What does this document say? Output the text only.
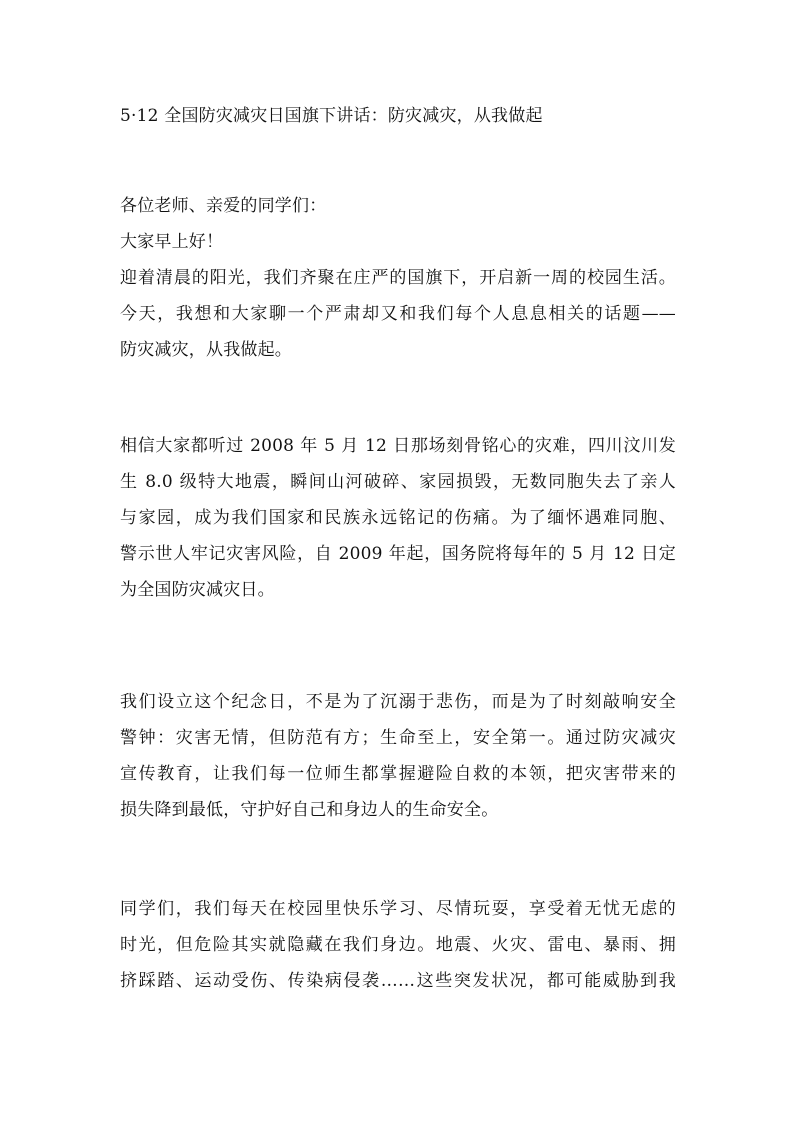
5·12 全国防灾减灾日国旗下讲话：防灾减灾，从我做起
各位老师、亲爱的同学们：
大家早上好！
迎着清晨的阳光，我们齐聚在庄严的国旗下，开启新一周的校园生活。
今天，我想和大家聊一个严肃却又和我们每个人息息相关的话题——
防灾减灾，从我做起。
相信大家都听过 2008 年 5 月 12 日那场刻骨铭心的灾难，四川汶川发
生 8.0 级特大地震，瞬间山河破碎、家园损毁，无数同胞失去了亲人
与家园，成为我们国家和民族永远铭记的伤痛。为了缅怀遇难同胞、
警示世人牢记灾害风险，自 2009 年起，国务院将每年的 5 月 12 日定
为全国防灾减灾日。
我们设立这个纪念日，不是为了沉溺于悲伤，而是为了时刻敲响安全
警钟：灾害无情，但防范有方；生命至上，安全第一。通过防灾减灾
宣传教育，让我们每一位师生都掌握避险自救的本领，把灾害带来的
损失降到最低，守护好自己和身边人的生命安全。
同学们，我们每天在校园里快乐学习、尽情玩耍，享受着无忧无虑的
时光，但危险其实就隐藏在我们身边。地震、火灾、雷电、暴雨、拥
挤踩踏、运动受伤、传染病侵袭……这些突发状况，都可能威胁到我
